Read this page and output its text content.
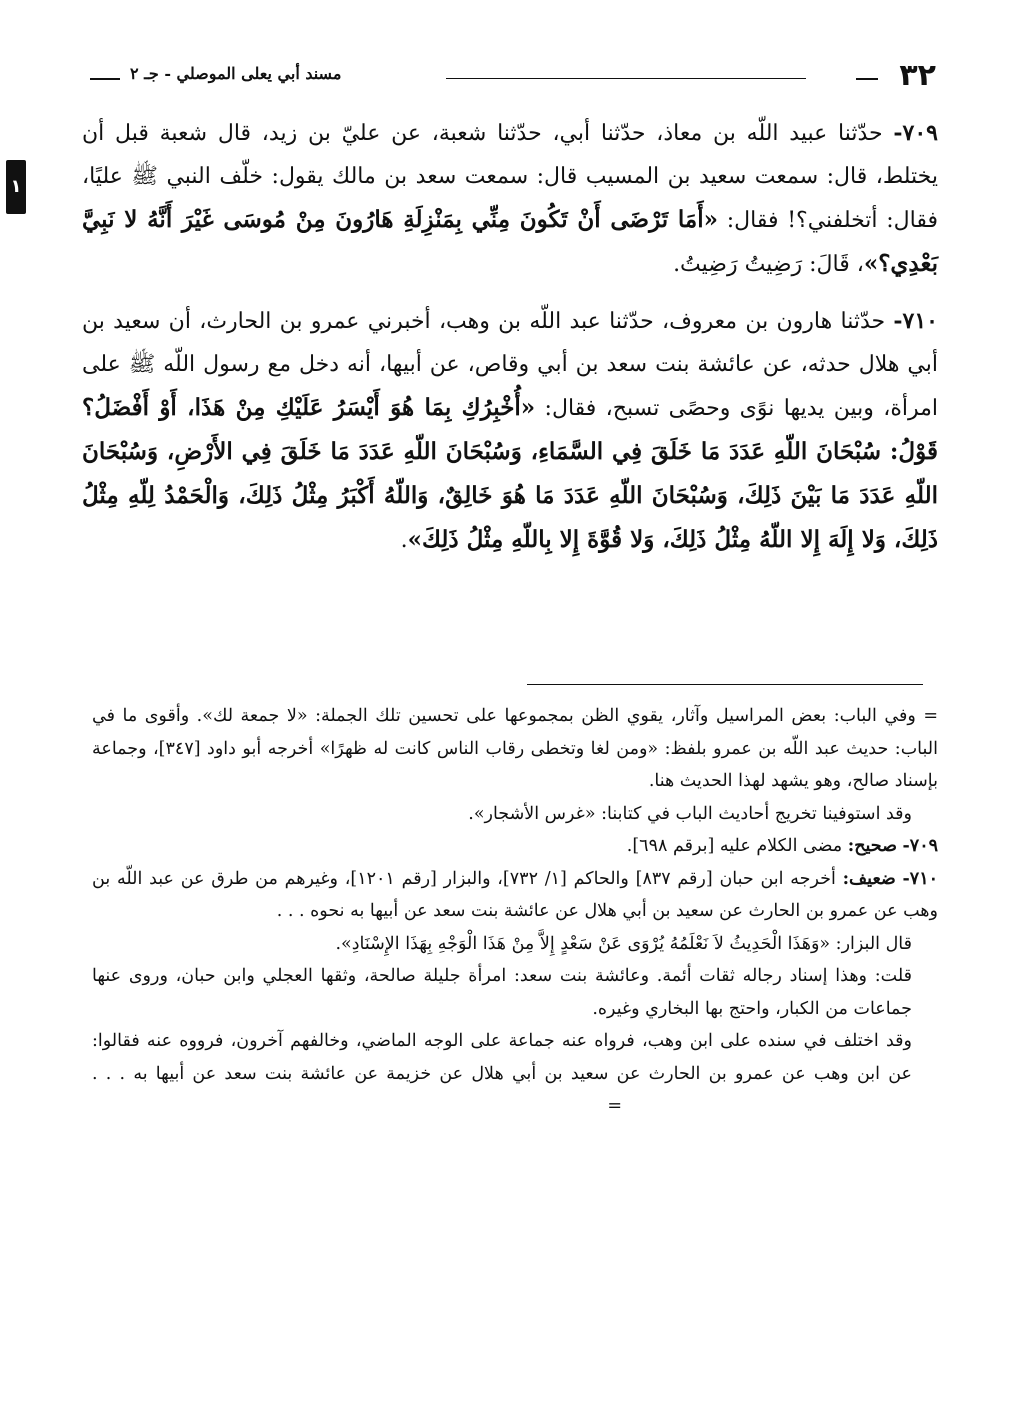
٣٢
مسند أبي يعلى الموصلي - جـ ٢
١

٧٠٩- حدّثنا عبيد اللّه بن معاذ، حدّثنا أبي، حدّثنا شعبة، عن عليّ بن زيد، قال شعبة قبل أن يختلط، قال: سمعت سعيد بن المسيب قال: سمعت سعد بن مالك يقول: خلّف النبي ﷺ عليًا، فقال: أتخلفني؟! فقال: «أَمَا تَرْضَى أَنْ تَكُونَ مِنِّي بِمَنْزِلَةِ هَارُونَ مِنْ مُوسَى غَيْرَ أَنَّهُ لا نَبِيَّ بَعْدِي؟»، قَالَ: رَضِيتُ رَضِيتُ.

٧١٠- حدّثنا هارون بن معروف، حدّثنا عبد اللّه بن وهب، أخبرني عمرو بن الحارث، أن سعيد بن أبي هلال حدثه، عن عائشة بنت سعد بن أبي وقاص، عن أبيها، أنه دخل مع رسول اللّه ﷺ على امرأة، وبين يديها نوًى وحصًى تسبح، فقال: «أُخْبِرُكِ بِمَا هُوَ أَيْسَرُ عَلَيْكِ مِنْ هَذَا، أَوْ أَفْضَلُ؟ قَوْلُ: سُبْحَانَ اللّهِ عَدَدَ مَا خَلَقَ فِي السَّمَاءِ، وَسُبْحَانَ اللّهِ عَدَدَ مَا خَلَقَ فِي الأَرْضِ، وَسُبْحَانَ اللّهِ عَدَدَ مَا بَيْنَ ذَلِكَ، وَسُبْحَانَ اللّهِ عَدَدَ مَا هُوَ خَالِقٌ، وَاللّهُ أَكْبَرُ مِثْلُ ذَلِكَ، وَالْحَمْدُ لِلّهِ مِثْلُ ذَلِكَ، وَلا إِلَهَ إِلا اللّهُ مِثْلُ ذَلِكَ، وَلا قُوَّةَ إِلا بِاللّهِ مِثْلُ ذَلِكَ».

= وفي الباب: بعض المراسيل وآثار، يقوي الظن بمجموعها على تحسين تلك الجملة: «لا جمعة لك». وأقوى ما في الباب: حديث عبد اللّه بن عمرو بلفظ: «ومن لغا وتخطى رقاب الناس كانت له ظهرًا» أخرجه أبو داود [٣٤٧]، وجماعة بإسناد صالح، وهو يشهد لهذا الحديث هنا.

وقد استوفينا تخريج أحاديث الباب في كتابنا: «غرس الأشجار».

٧٠٩- صحيح: مضى الكلام عليه [برقم ٦٩٨].

٧١٠- ضعيف: أخرجه ابن حبان [رقم ٨٣٧] والحاكم [١/ ٧٣٢]، والبزار [رقم ١٢٠١]، وغيرهم من طرق عن عبد اللّه بن وهب عن عمرو بن الحارث عن سعيد بن أبي هلال عن عائشة بنت سعد عن أبيها به نحوه . . .

قال البزار: «وَهَذَا الْحَدِيثُ لاَ نَعْلَمُهُ يُرْوَى عَنْ سَعْدٍ إِلاَّ مِنْ هَذَا الْوَجْهِ بِهَذَا الإِسْنَادِ».

قلت: وهذا إسناد رجاله ثقات أئمة. وعائشة بنت سعد: امرأة جليلة صالحة، وثقها العجلي وابن حبان، وروى عنها جماعات من الكبار، واحتج بها البخاري وغيره.

وقد اختلف في سنده على ابن وهب، فرواه عنه جماعة على الوجه الماضي، وخالفهم آخرون، فرووه عنه فقالوا: عن ابن وهب عن عمرو بن الحارث عن سعيد بن أبي هلال عن خزيمة عن عائشة بنت سعد عن أبيها به . . . =
